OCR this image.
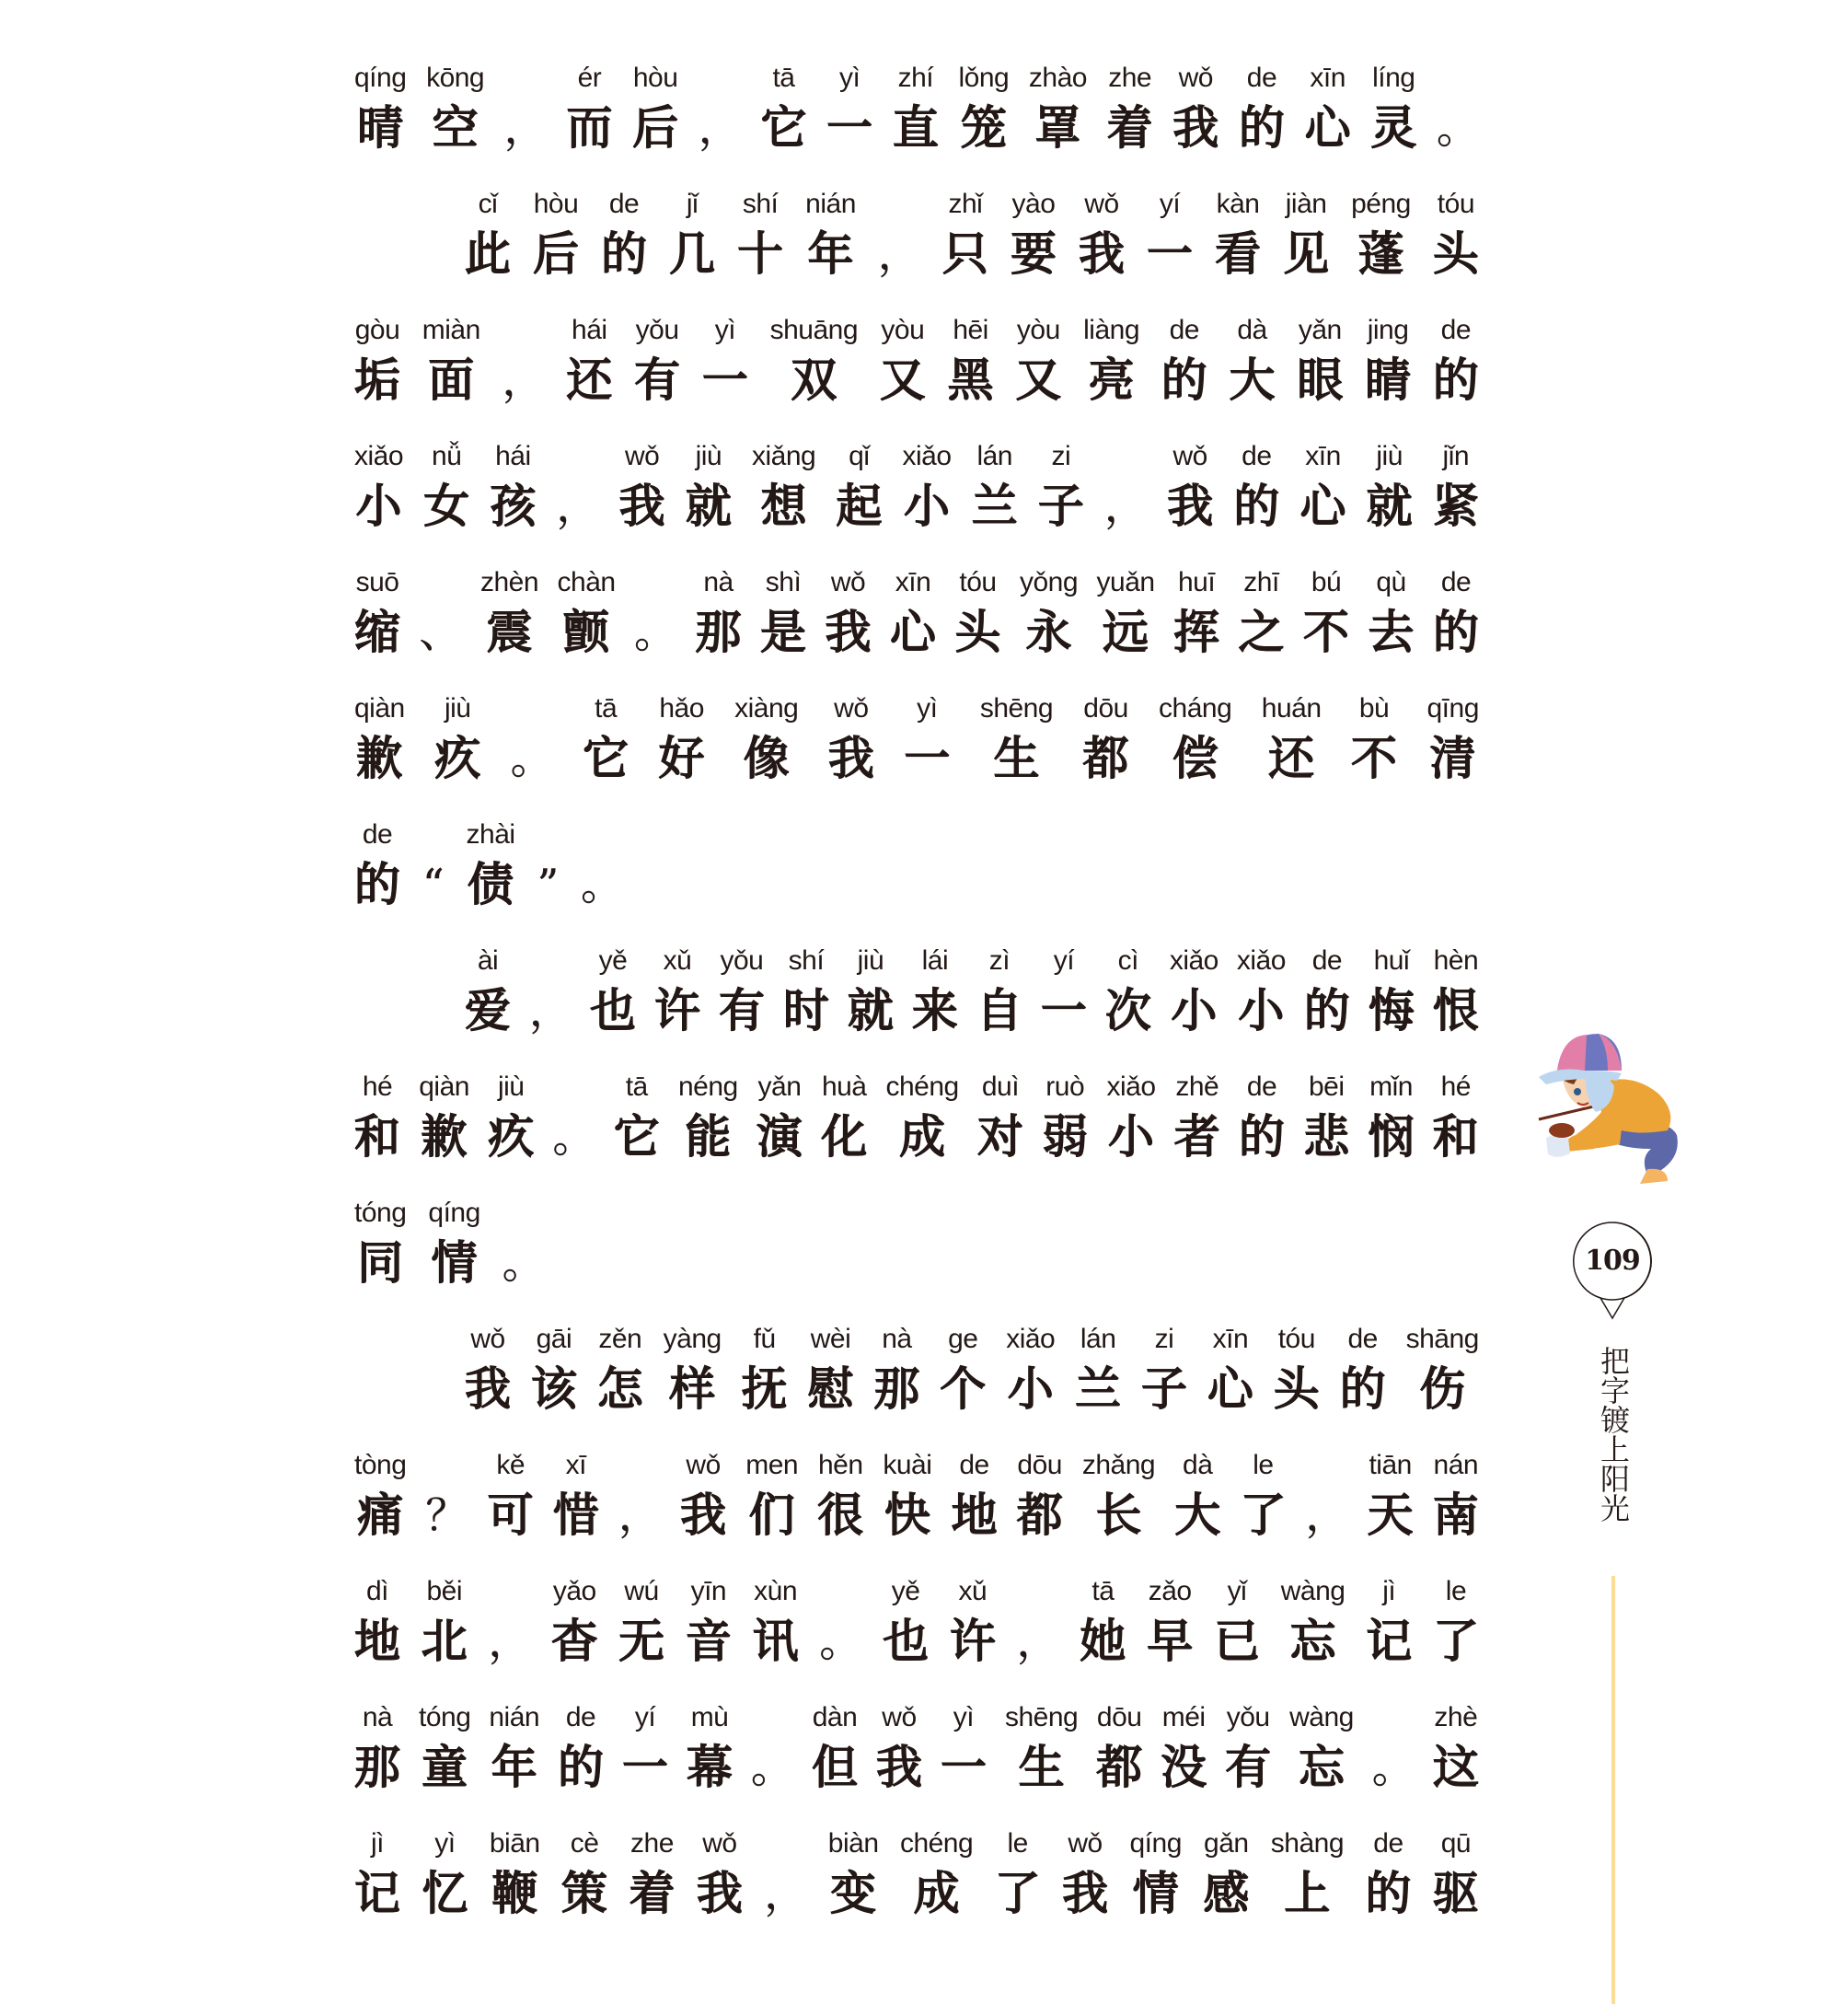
qíng
晴
kōng
空 ，
ér
而
hòu
后 ，
tā
它
yì
一
zhí
直
lǒng
笼
zhào
罩
zhe
着
wǒ
我
de
的
xīn
心
líng
灵 。
cǐ
此
hòu
后
de
的
jǐ
几
shí
十
nián
年 ，
zhǐ
只
yào
要
wǒ
我
yí
一
kàn
看
jiàn
见
péng
蓬
tóu
头
gòu
垢
miàn
面 ，
hái
还
yǒu
有
yì
一
shuāng
双
yòu
又
hēi
黑
yòu
又
liàng
亮
de
的
dà
大
yǎn
眼
jing
睛
de
的
xiǎo
小
nǚ
女
hái
孩 ，
wǒ
我
jiù
就
xiǎng
想
qǐ
起
xiǎo
小
lán
兰
zi
子 ，
wǒ
我
de
的
xīn
心
jiù
就
jǐn
紧
suō
缩 、
zhèn
震
chàn
颤 。
nà
那
shì
是
wǒ
我
xīn
心
tóu
头
yǒng
永
yuǎn
远
huī
挥
zhī
之
bú
不
qù
去
de
的
qiàn
歉
jiù
疚 。
tā
它
hǎo
好
xiàng
像
wǒ
我
yì
一
shēng
生
dōu
都
cháng
偿
huán
还
bù
不
qīng
清
de
的 “
zhài
债 ” 。
ài
爱 ，
yě
也
xǔ
许
yǒu
有
shí
时
jiù
就
lái
来
zì
自
yí
一
cì
次
xiǎo
小
xiǎo
小
de
的
huǐ
悔
hèn
恨
hé
和
qiàn
歉
jiù
疚 。
tā
它
néng
能
yǎn
演
huà
化
chéng
成
duì
对
ruò
弱
xiǎo
小
zhě
者
de
的
bēi
悲
mǐn
悯
hé
和
tóng
同
qíng
情 。
wǒ
我
gāi
该
zěn
怎
yàng
样
fǔ
抚
wèi
慰
nà
那
ge
个
xiǎo
小
lán
兰
zi
子
xīn
心
tóu
头
de
的
shāng
伤
tòng
痛 ？
kě
可
xī
惜 ，
wǒ
我
men
们
hěn
很
kuài
快
de
地
dōu
都
zhǎng
长
dà
大
le
了 ，
tiān
天
nán
南
dì
地
běi
北 ，
yǎo
杳
wú
无
yīn
音
xùn
讯 。
yě
也
xǔ
许 ，
tā
她
zǎo
早
yǐ
已
wàng
忘
jì
记
le
了
nà
那
tóng
童
nián
年
de
的
yí
一
mù
幕 。
dàn
但
wǒ
我
yì
一
shēng
生
dōu
都
méi
没
yǒu
有
wàng
忘 。
zhè
这
jì
记
yì
忆
biān
鞭
cè
策
zhe
着
wǒ
我 ，
biàn
变
chéng
成
le
了
wǒ
我
qíng
情
gǎn
感
shàng
上
de
的
qū
驱
109
把字镀上阳光
